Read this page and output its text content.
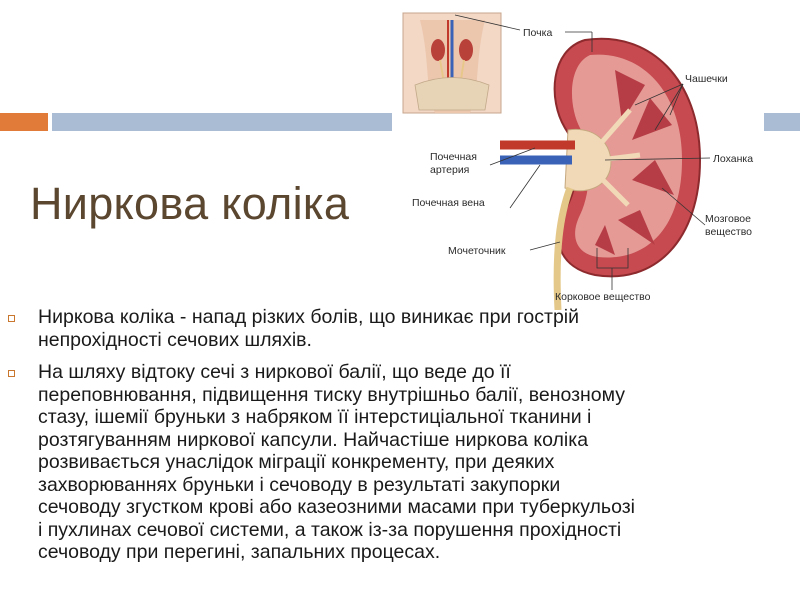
Почка
Чашечки
Почечная
артерия
Лоханка
Почечная вена
Мозговое
вещество
Мочеточник
Корковое вещество
Ниркова коліка
Ниркова коліка - напад різких болів, що виникає при гострій
непрохідності сечових шляхів.
На шляху відтоку сечі з ниркової балії, що веде до її
переповнювання, підвищення тиску внутрішньо балії, венозному
стазу, ішемії бруньки з набряком її інтерстиціальної тканини і
розтягуванням ниркової капсули. Найчастіше ниркова коліка
розвивається унаслідок міграції конкременту, при деяких
захворюваннях бруньки і сечоводу в результаті закупорки
сечоводу згустком крові або казеозними масами при туберкульозі
і пухлинах сечової системи, а також із-за порушення прохідності
сечоводу при перегині, запальних процесах.
